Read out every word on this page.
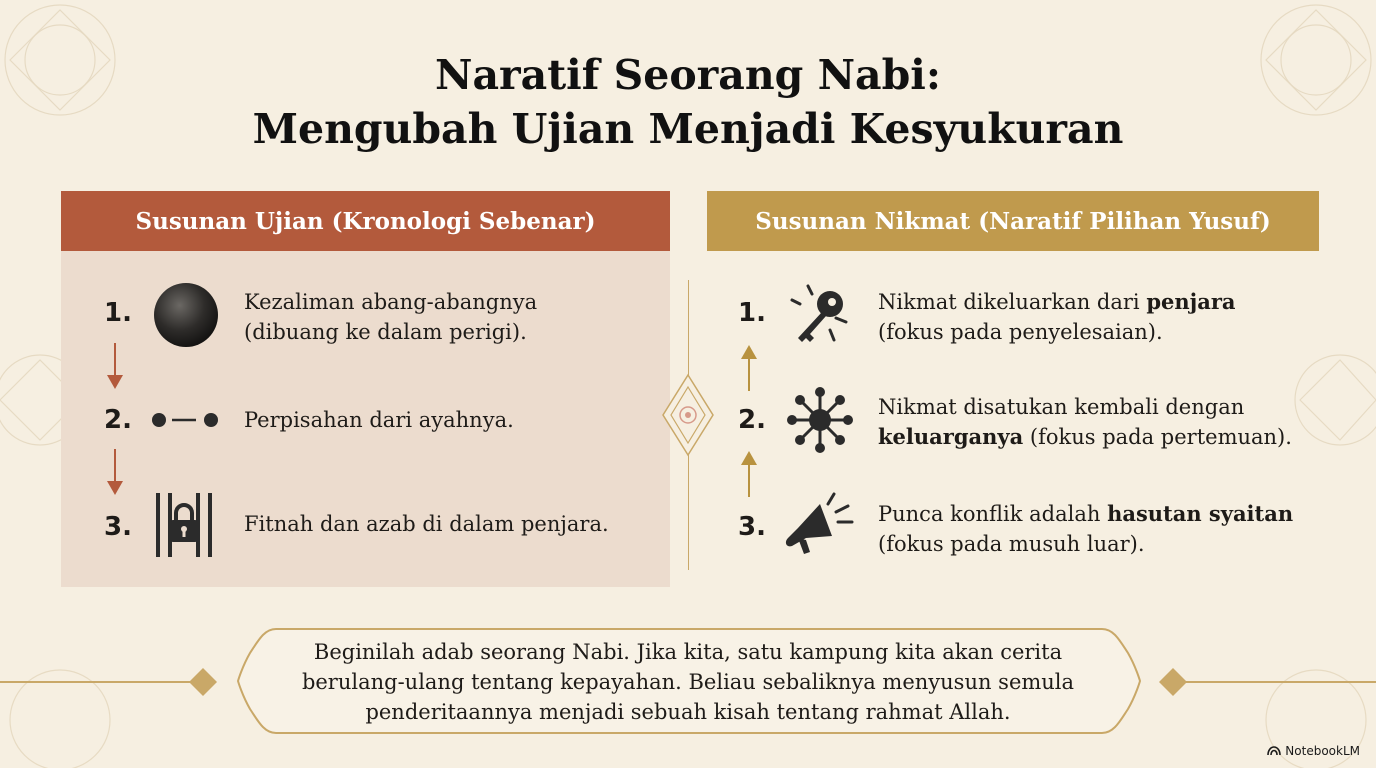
Naratif Seorang Nabi:
Mengubah Ujian Menjadi Kesyukuran
Susunan Ujian (Kronologi Sebenar)
1.	Kezaliman abang-abangnya
(dibuang ke dalam perigi).
2.	Perpisahan dari ayahnya.
3.	Fitnah dan azab di dalam penjara.
Susunan Nikmat (Naratif Pilihan Yusuf)
1.	Nikmat dikeluarkan dari penjara
(fokus pada penyelesaian).
2.	Nikmat disatukan kembali dengan
keluarganya (fokus pada pertemuan).
3.	Punca konflik adalah hasutan syaitan
(fokus pada musuh luar).
Beginilah adab seorang Nabi. Jika kita, satu kampung kita akan cerita
berulang-ulang tentang kepayahan. Beliau sebaliknya menyusun semula
penderitaannya menjadi sebuah kisah tentang rahmat Allah.
NotebookLM
